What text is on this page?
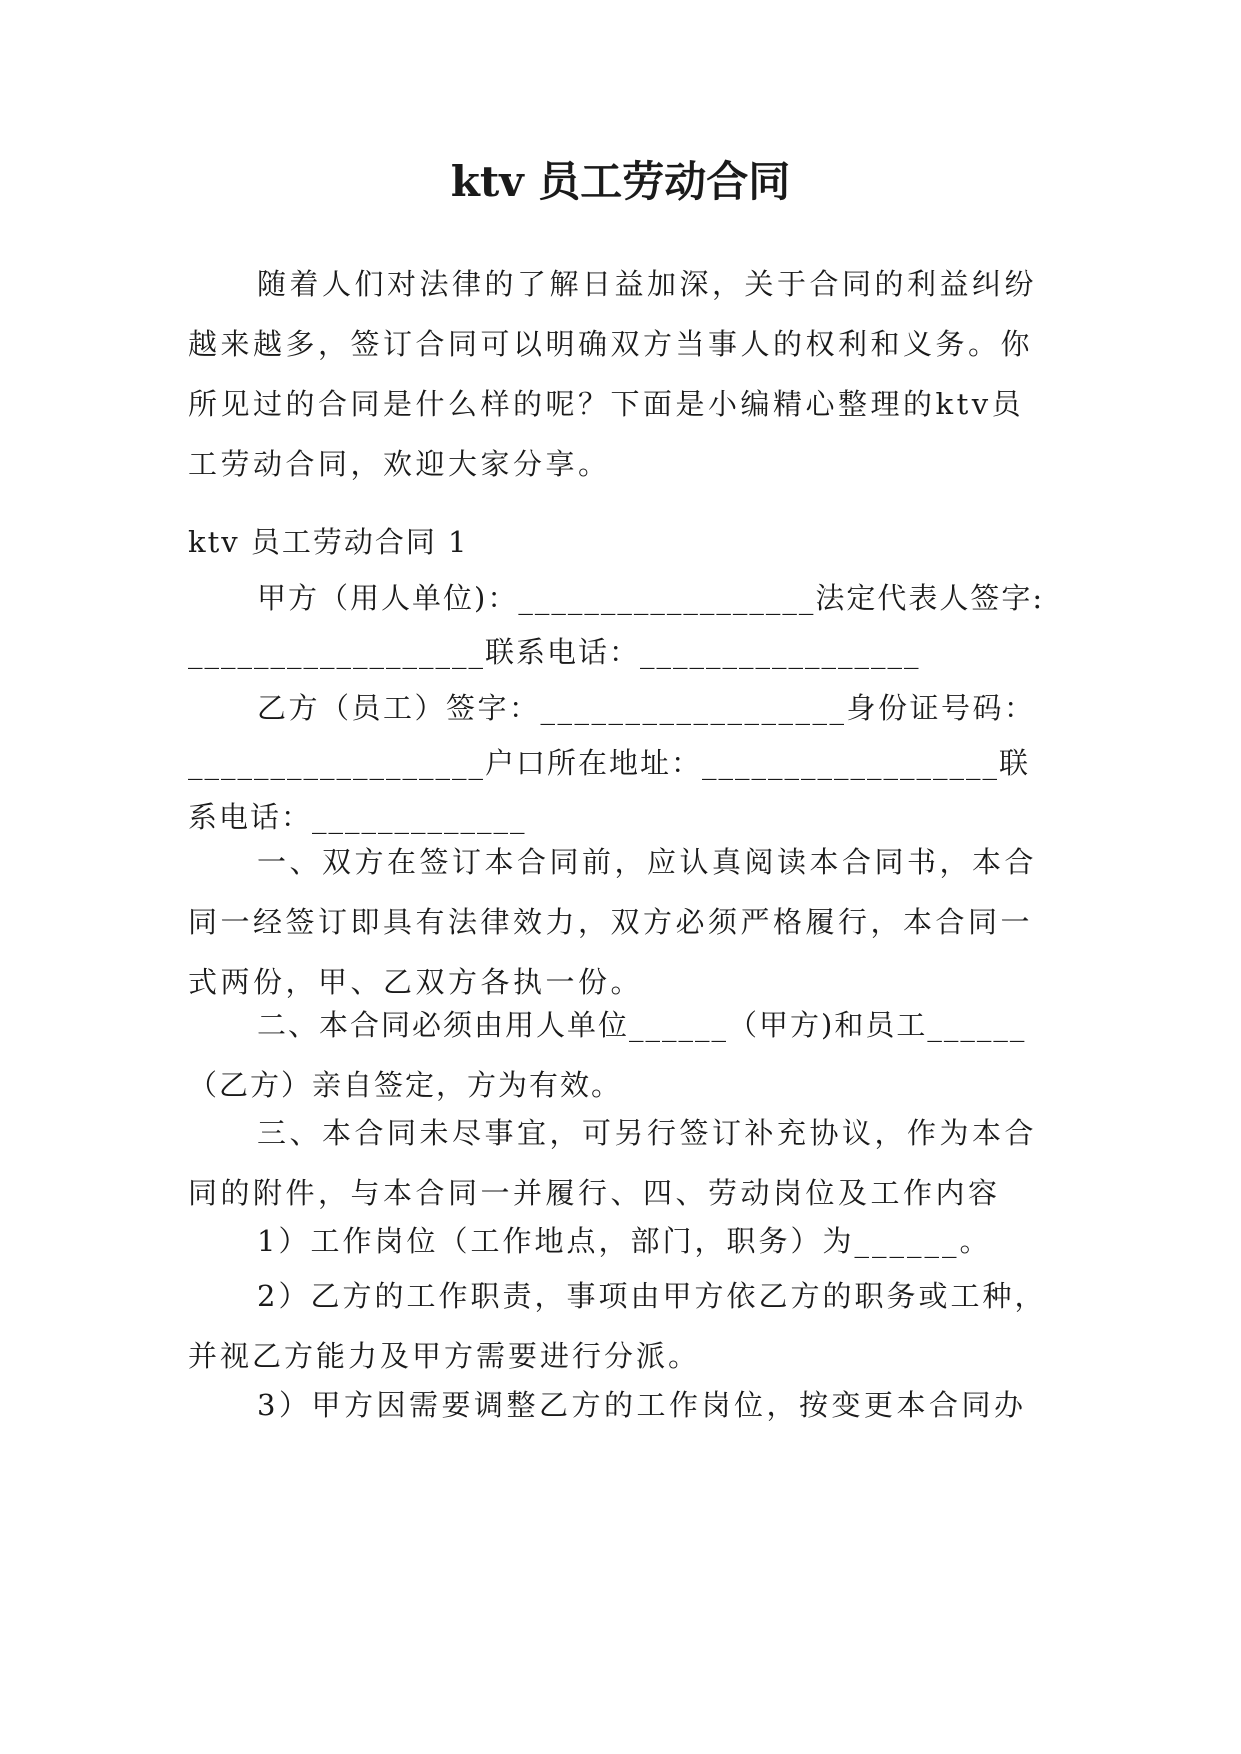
ktv 员工劳动合同

随着人们对法律的了解日益加深，关于合同的利益纠纷越来越多，签订合同可以明确双方当事人的权利和义务。你所见过的合同是什么样的呢？下面是小编精心整理的ktv员工劳动合同，欢迎大家分享。

ktv 员工劳动合同 1

甲方（用人单位)：__________________法定代表人签字:

__________________联系电话：_________________

乙方（员工）签字：__________________身份证号码：

__________________户口所在地址：__________________联

系电话：_____________

一、双方在签订本合同前，应认真阅读本合同书，本合同一经签订即具有法律效力，双方必须严格履行，本合同一式两份，甲、乙双方各执一份。

二、本合同必须由用人单位______（甲方)和员工______（乙方）亲自签定，方为有效。

三、本合同未尽事宜，可另行签订补充协议，作为本合同的附件，与本合同一并履行、四、劳动岗位及工作内容

1）工作岗位（工作地点，部门，职务）为______。

2）乙方的工作职责，事项由甲方依乙方的职务或工种，并视乙方能力及甲方需要进行分派。

3）甲方因需要调整乙方的工作岗位，按变更本合同办
